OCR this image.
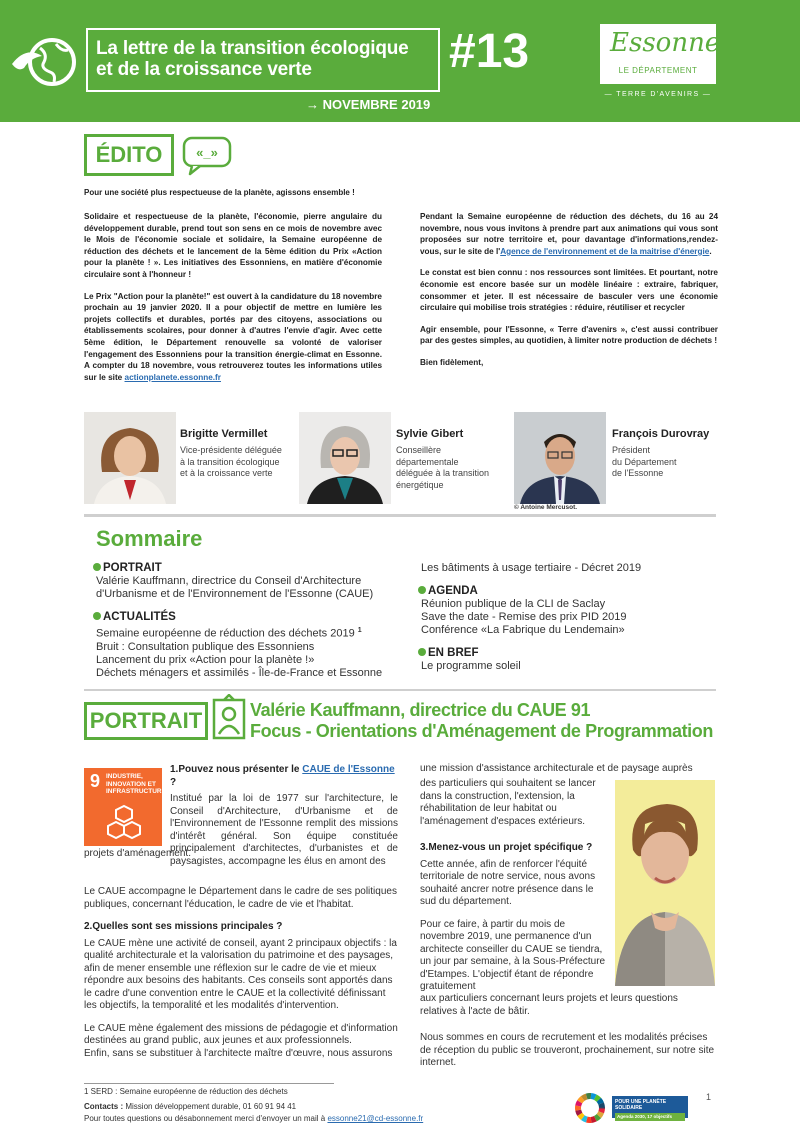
La lettre de la transition écologique
et de la croissance verte	#13
→ NOVEMBRE 2019
Essonne
LE DÉPARTEMENT
— TERRE D'AVENIRS —
ÉDITO	«_»
Pour une société plus respectueuse de la planète, agissons ensemble !

Solidaire et respectueuse de la planète, l'économie, pierre angulaire du développement durable, prend tout son sens en ce mois de novembre avec le Mois de l'économie sociale et solidaire, la Semaine européenne de réduction des déchets et le lancement de la 5ème édition du Prix «Action pour la planète ! ». Les initiatives des Essonniens, en matière d'économie circulaire sont à l'honneur !

Le Prix "Action pour la planète!" est ouvert à la candidature du 18 novembre prochain au 19 janvier 2020. Il a pour objectif de mettre en lumière les projets collectifs et durables, portés par des citoyens, associations ou établissements scolaires, pour donner à d'autres l'envie d'agir. Avec cette 5ème édition, le Département renouvelle sa volonté de valoriser l'engagement des Essonniens pour la transition énergie-climat en Essonne. A compter du 18 novembre, vous retrouverez toutes les informations utiles sur le site actionplanete.essonne.fr

Pendant la Semaine européenne de réduction des déchets, du 16 au 24 novembre, nous vous invitons à prendre part aux animations qui vous sont proposées sur notre territoire et, pour davantage d'informations,rendez-vous, sur le site de l'Agence de l'environnement et de la maitrise d'énergie.

Le constat est bien connu : nos ressources sont limitées. Et pourtant, notre économie est encore basée sur un modèle linéaire : extraire, fabriquer, consommer et jeter. Il est nécessaire de basculer vers une économie circulaire qui mobilise trois stratégies : réduire, réutiliser et recycler

Agir ensemble, pour l'Essonne, « Terre d'avenirs », c'est aussi contribuer par des gestes simples, au quotidien, à limiter notre production de déchets !

Bien fidèlement,

Brigitte Vermillet
Vice-présidente déléguée
à la transition écologique
et à la croissance verte
Sylvie Gibert
Conseillère
départementale
déléguée à la transition
énergétique
François Durovray
Président
du Département
de l'Essonne
© Antoine Mercusot.
Sommaire
PORTRAIT
Valérie Kauffmann, directrice du Conseil d'Architecture
d'Urbanisme et de l'Environnement de l'Essonne (CAUE)
ACTUALITÉS
Semaine européenne de réduction des déchets 2019 $^1$
Bruit : Consultation publique des Essonniens
Lancement du prix «Action pour la planète !»
Déchets ménagers et assimilés - Île-de-France et Essonne
Les bâtiments à usage tertiaire - Décret 2019
AGENDA
Réunion publique de la CLI de Saclay
Save the date - Remise des prix PID 2019
Conférence «La Fabrique du Lendemain»
EN BREF
Le programme soleil
PORTRAIT	Valérie Kauffmann, directrice du CAUE 91
Focus - Orientations d'Aménagement de Programmation
9 INDUSTRIE,
INNOVATION ET
INFRASTRUCTURE

1.Pouvez nous présenter le CAUE de l'Essonne ?

Institué par la loi de 1977 sur l'architecture, le Conseil d'Architecture, d'Urbanisme et de l'Environnement de l'Essonne remplit des missions d'intérêt général. Son équipe constituée principalement d'architectes, d'urbanistes et de paysagistes, accompagne les élus en amont des

projets d'aménagement.

Le CAUE accompagne le Département dans le cadre de ses politiques publiques, concernant l'éducation, le cadre de vie et l'habitat.

2.Quelles sont ses missions principales ?

Le CAUE mène une activité de conseil, ayant 2 principaux objectifs : la qualité architecturale et la valorisation du patrimoine et des paysages, afin de mener ensemble une réflexion sur le cadre de vie et mieux répondre aux besoins des habitants. Ces conseils sont apportés dans le cadre d'une convention entre le CAUE et la collectivité définissant les objectifs, la temporalité et les modalités d'intervention.

Le CAUE mène également des missions de pédagogie et d'information destinées au grand public, aux jeunes et aux professionnels.

Enfin, sans se substituer à l'architecte maître d'œuvre, nous assurons

une mission d'assistance architecturale et de paysage auprès

des particuliers qui souhaitent se lancer dans la construction, l'extension, la réhabilitation de leur habitat ou l'aménagement d'espaces extérieurs.

3.Menez-vous un projet spécifique ?

Cette année, afin de renforcer l'équité territoriale de notre service, nous avons souhaité ancrer notre présence dans le sud du département.

Pour ce faire, à partir du mois de novembre 2019, une permanence d'un architecte conseiller du CAUE se tiendra, un jour par semaine, à la Sous-Préfecture d'Etampes. L'objectif étant de répondre gratuitement

aux particuliers concernant leurs projets et leurs questions relatives à l'acte de bâtir.

Nous sommes en cours de recrutement et les modalités précises de réception du public se trouveront, prochainement, sur notre site internet.

1 SERD : Semaine européenne de réduction des déchets
Contacts : Mission développement durable, 01 60 91 94 41
Pour toutes questions ou désabonnement merci d'envoyer un mail à essonne21@cd-essonne.fr
POUR UNE PLANÈTE SOLIDAIRE
Agenda 2030, 17 objectifs
1
